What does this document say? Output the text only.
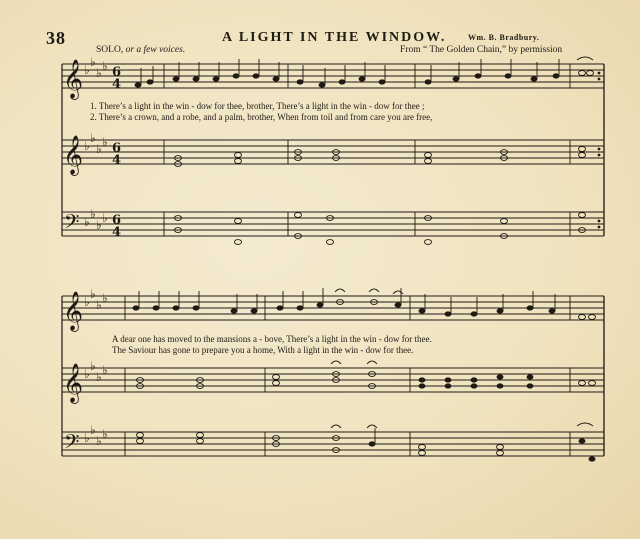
38	A LIGHT IN THE WINDOW.	Wm. B. Bradbury.
SOLO, or a few voices.	From “ The Golden Chain,” by permission
𝄞
𝄞
𝄢
𝄞
𝄞
𝄢
♭
♭
♭ ♭
♭
♭
♭ ♭
♭
♭
♭ ♭
♭
♭
♭ ♭
♭
♭
♭ ♭
♭
♭
♭ ♭
6
4
6
4
6
4
1. There’s a light in the win - dow for thee, brother, There’s a light in the win - dow for thee ;
2. There’s a crown, and a robe, and a palm, brother, When from toil and from care you are free,
A dear one has moved to the mansions a - bove, There’s a light in the win - dow for thee.
The Saviour has gone to prepare you a home, With a light in the win - dow for thee.
